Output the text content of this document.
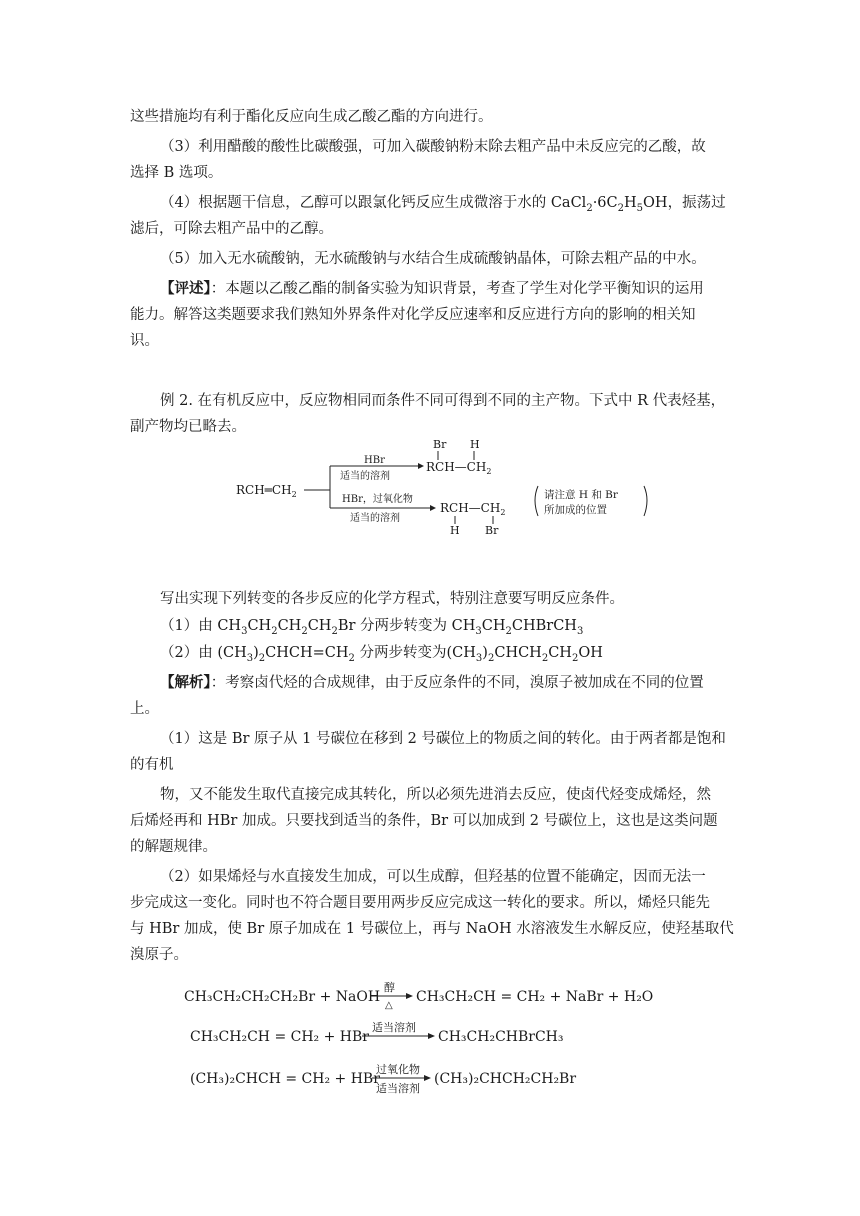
这些措施均有利于酯化反应向生成乙酸乙酯的方向进行。
（3）利用醋酸的酸性比碳酸强，可加入碳酸钠粉末除去粗产品中未反应完的乙酸，故
选择 B 选项。
（4）根据题干信息，乙醇可以跟氯化钙反应生成微溶于水的 $CaCl_2\cdot 6C_2H_5OH$，振荡过
滤后，可除去粗产品中的乙醇。
（5）加入无水硫酸钠，无水硫酸钠与水结合生成硫酸钠晶体，可除去粗产品的中水。
【评述】：本题以乙酸乙酯的制备实验为知识背景，考查了学生对化学平衡知识的运用
能力。解答这类题要求我们熟知外界条件对化学反应速率和反应进行方向的影响的相关知
识。
例 2. 在有机反应中，反应物相同而条件不同可得到不同的主产物。下式中 R 代表烃基，
副产物均已略去。
$RCH═CH_2$
HBr
适当的溶剂
HBr，过氧化物
适当的溶剂
Br H
$RCH—CH_2$
$RCH—CH_2$
H Br
请注意 H 和 Br
所加成的位置
写出实现下列转变的各步反应的化学方程式，特别注意要写明反应条件。
（1）由 $CH_3CH_2CH_2CH_2Br$ 分两步转变为 $CH_3CH_2CHBrCH_3$
（2）由 $(CH_3)_2CHCH=CH_2$ 分两步转变为$(CH_3)_2CHCH_2CH_2OH$
【解析】：考察卤代烃的合成规律，由于反应条件的不同，溴原子被加成在不同的位置
上。
（1）这是 Br 原子从 1 号碳位在移到 2 号碳位上的物质之间的转化。由于两者都是饱和
的有机
物，又不能发生取代直接完成其转化，所以必须先进消去反应，使卤代烃变成烯烃，然
后烯烃再和 HBr 加成。只要找到适当的条件，Br 可以加成到 2 号碳位上，这也是这类问题
的解题规律。
（2）如果烯烃与水直接发生加成，可以生成醇，但羟基的位置不能确定，因而无法一
步完成这一变化。同时也不符合题目要用两步反应完成这一转化的要求。所以，烯烃只能先
与 HBr 加成，使 Br 原子加成在 1 号碳位上，再与 NaOH 水溶液发生水解反应，使羟基取代
溴原子。
CH₃CH₂CH₂CH₂Br + NaOH
醇
△
CH₃CH₂CH = CH₂ + NaBr + H₂O
CH₃CH₂CH = CH₂ + HBr
适当溶剂
CH₃CH₂CHBrCH₃
(CH₃)₂CHCH = CH₂ + HBr
过氧化物
适当溶剂
(CH₃)₂CHCH₂CH₂Br
